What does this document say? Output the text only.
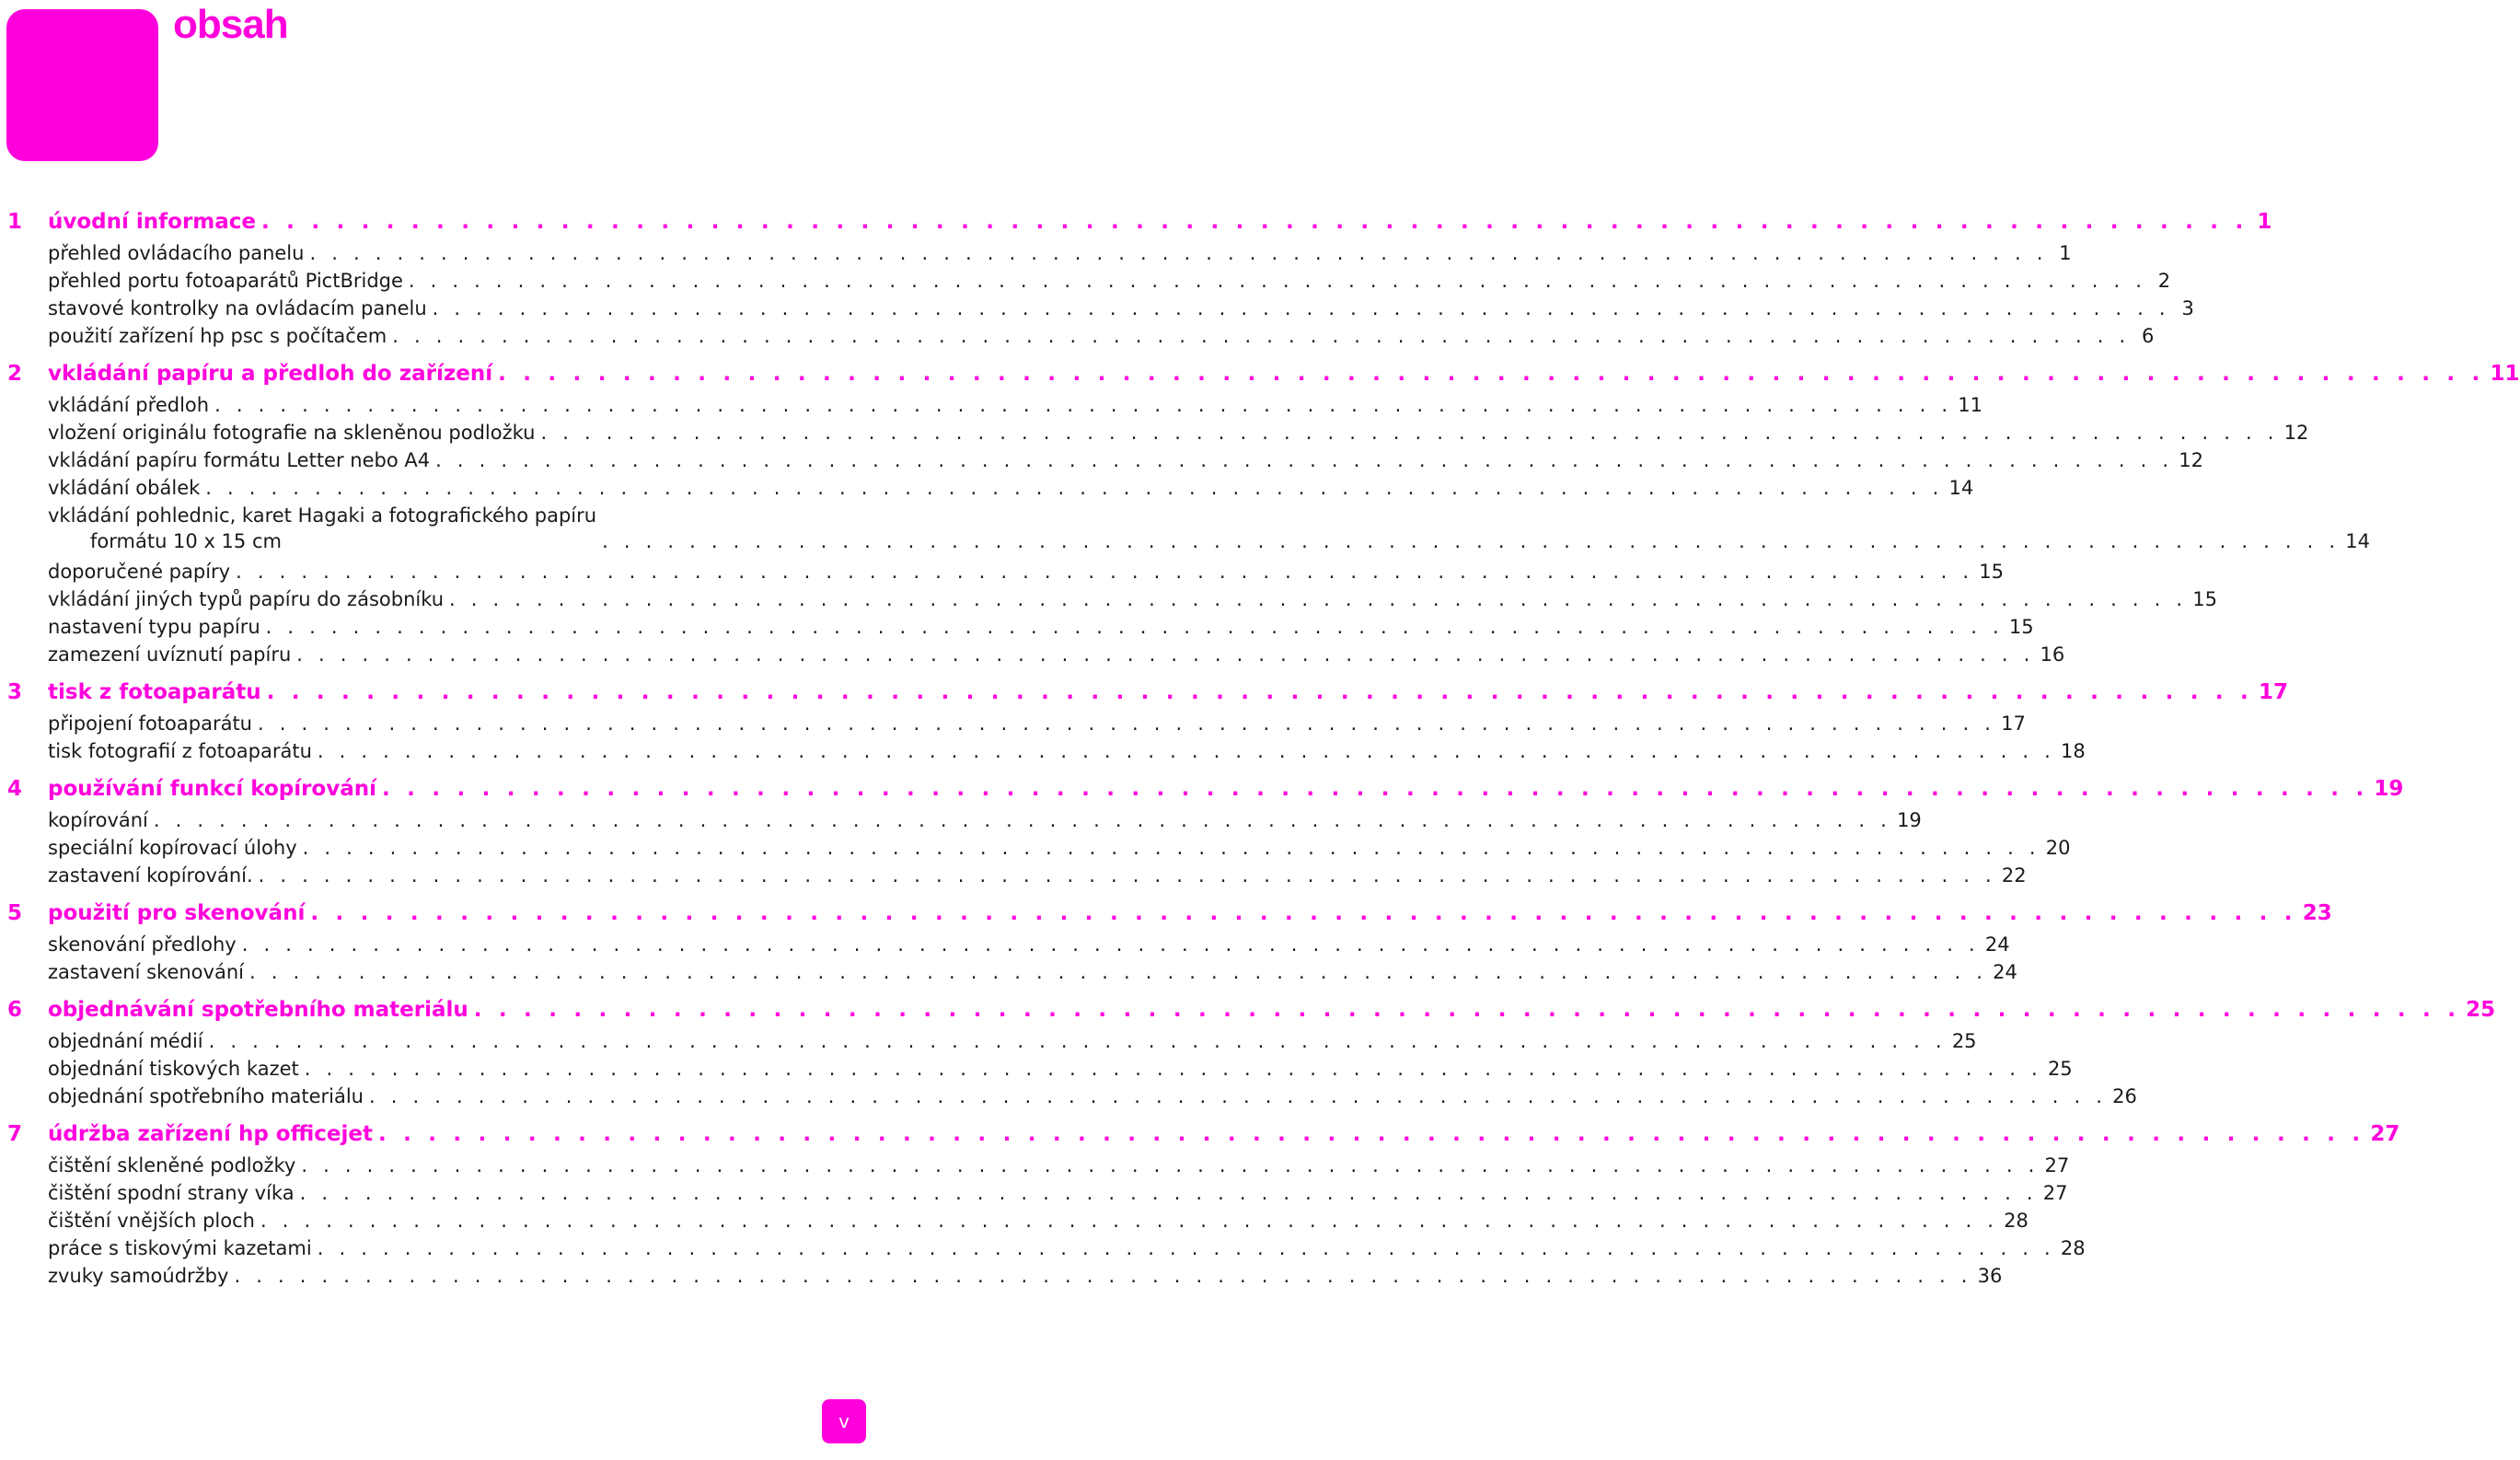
obsah
1 úvodní informace . . . . . . . . . . . . . . . . . . . . . . . . . . . . . . . . . . . . . . . . . . . . . . . . . . . . . . . . . . . . . . . . . . . . . . . . . . . . . . . . 1
přehled ovládacího panelu . . . . . . . . . . . . . . . . . . . . . . . . . . . . . . . . . . . . . . . . . . . . . . . . . . . . . . . . . . . . . . . . . . . . . . . . . . . . . . . . 1
přehled portu fotoaparátů PictBridge . . . . . . . . . . . . . . . . . . . . . . . . . . . . . . . . . . . . . . . . . . . . . . . . . . . . . . . . . . . . . . . . . . . . . . . . . . . . . . . . 2
stavové kontrolky na ovládacím panelu . . . . . . . . . . . . . . . . . . . . . . . . . . . . . . . . . . . . . . . . . . . . . . . . . . . . . . . . . . . . . . . . . . . . . . . . . . . . . . . . 3
použití zařízení hp psc s počítačem . . . . . . . . . . . . . . . . . . . . . . . . . . . . . . . . . . . . . . . . . . . . . . . . . . . . . . . . . . . . . . . . . . . . . . . . . . . . . . . . 6
2 vkládání papíru a předloh do zařízení . . . . . . . . . . . . . . . . . . . . . . . . . . . . . . . . . . . . . . . . . . . . . . . . . . . . . . . . . . . . . . . . . . . . . . . . . . . . . . . . 11
vkládání předloh . . . . . . . . . . . . . . . . . . . . . . . . . . . . . . . . . . . . . . . . . . . . . . . . . . . . . . . . . . . . . . . . . . . . . . . . . . . . . . . . 11
vložení originálu fotografie na skleněnou podložku . . . . . . . . . . . . . . . . . . . . . . . . . . . . . . . . . . . . . . . . . . . . . . . . . . . . . . . . . . . . . . . . . . . . . . . . . . . . . . . . 12
vkládání papíru formátu Letter nebo A4 . . . . . . . . . . . . . . . . . . . . . . . . . . . . . . . . . . . . . . . . . . . . . . . . . . . . . . . . . . . . . . . . . . . . . . . . . . . . . . . . 12
vkládání obálek . . . . . . . . . . . . . . . . . . . . . . . . . . . . . . . . . . . . . . . . . . . . . . . . . . . . . . . . . . . . . . . . . . . . . . . . . . . . . . . . 14
vkládání pohlednic, karet Hagaki a fotografického papíru
formátu 10 x 15 cm	. . . . . . . . . . . . . . . . . . . . . . . . . . . . . . . . . . . . . . . . . . . . . . . . . . . . . . . . . . . . . . . . . . . . . . . . . . . . . . . . 14
doporučené papíry . . . . . . . . . . . . . . . . . . . . . . . . . . . . . . . . . . . . . . . . . . . . . . . . . . . . . . . . . . . . . . . . . . . . . . . . . . . . . . . . 15
vkládání jiných typů papíru do zásobníku . . . . . . . . . . . . . . . . . . . . . . . . . . . . . . . . . . . . . . . . . . . . . . . . . . . . . . . . . . . . . . . . . . . . . . . . . . . . . . . . 15
nastavení typu papíru . . . . . . . . . . . . . . . . . . . . . . . . . . . . . . . . . . . . . . . . . . . . . . . . . . . . . . . . . . . . . . . . . . . . . . . . . . . . . . . . 15
zamezení uvíznutí papíru . . . . . . . . . . . . . . . . . . . . . . . . . . . . . . . . . . . . . . . . . . . . . . . . . . . . . . . . . . . . . . . . . . . . . . . . . . . . . . . . 16
3 tisk z fotoaparátu . . . . . . . . . . . . . . . . . . . . . . . . . . . . . . . . . . . . . . . . . . . . . . . . . . . . . . . . . . . . . . . . . . . . . . . . . . . . . . . . 17
připojení fotoaparátu . . . . . . . . . . . . . . . . . . . . . . . . . . . . . . . . . . . . . . . . . . . . . . . . . . . . . . . . . . . . . . . . . . . . . . . . . . . . . . . . 17
tisk fotografií z fotoaparátu . . . . . . . . . . . . . . . . . . . . . . . . . . . . . . . . . . . . . . . . . . . . . . . . . . . . . . . . . . . . . . . . . . . . . . . . . . . . . . . . 18
4 používání funkcí kopírování . . . . . . . . . . . . . . . . . . . . . . . . . . . . . . . . . . . . . . . . . . . . . . . . . . . . . . . . . . . . . . . . . . . . . . . . . . . . . . . . 19
kopírování . . . . . . . . . . . . . . . . . . . . . . . . . . . . . . . . . . . . . . . . . . . . . . . . . . . . . . . . . . . . . . . . . . . . . . . . . . . . . . . . 19
speciální kopírovací úlohy . . . . . . . . . . . . . . . . . . . . . . . . . . . . . . . . . . . . . . . . . . . . . . . . . . . . . . . . . . . . . . . . . . . . . . . . . . . . . . . . 20
zastavení kopírování. . . . . . . . . . . . . . . . . . . . . . . . . . . . . . . . . . . . . . . . . . . . . . . . . . . . . . . . . . . . . . . . . . . . . . . . . . . . . . . . . 22
5 použití pro skenování . . . . . . . . . . . . . . . . . . . . . . . . . . . . . . . . . . . . . . . . . . . . . . . . . . . . . . . . . . . . . . . . . . . . . . . . . . . . . . . . 23
skenování předlohy . . . . . . . . . . . . . . . . . . . . . . . . . . . . . . . . . . . . . . . . . . . . . . . . . . . . . . . . . . . . . . . . . . . . . . . . . . . . . . . . 24
zastavení skenování . . . . . . . . . . . . . . . . . . . . . . . . . . . . . . . . . . . . . . . . . . . . . . . . . . . . . . . . . . . . . . . . . . . . . . . . . . . . . . . . 24
6 objednávání spotřebního materiálu . . . . . . . . . . . . . . . . . . . . . . . . . . . . . . . . . . . . . . . . . . . . . . . . . . . . . . . . . . . . . . . . . . . . . . . . . . . . . . . . 25
objednání médií . . . . . . . . . . . . . . . . . . . . . . . . . . . . . . . . . . . . . . . . . . . . . . . . . . . . . . . . . . . . . . . . . . . . . . . . . . . . . . . . 25
objednání tiskových kazet . . . . . . . . . . . . . . . . . . . . . . . . . . . . . . . . . . . . . . . . . . . . . . . . . . . . . . . . . . . . . . . . . . . . . . . . . . . . . . . . 25
objednání spotřebního materiálu . . . . . . . . . . . . . . . . . . . . . . . . . . . . . . . . . . . . . . . . . . . . . . . . . . . . . . . . . . . . . . . . . . . . . . . . . . . . . . . . 26
7 údržba zařízení hp officejet . . . . . . . . . . . . . . . . . . . . . . . . . . . . . . . . . . . . . . . . . . . . . . . . . . . . . . . . . . . . . . . . . . . . . . . . . . . . . . . . 27
čištění skleněné podložky . . . . . . . . . . . . . . . . . . . . . . . . . . . . . . . . . . . . . . . . . . . . . . . . . . . . . . . . . . . . . . . . . . . . . . . . . . . . . . . . 27
čištění spodní strany víka . . . . . . . . . . . . . . . . . . . . . . . . . . . . . . . . . . . . . . . . . . . . . . . . . . . . . . . . . . . . . . . . . . . . . . . . . . . . . . . . 27
čištění vnějších ploch . . . . . . . . . . . . . . . . . . . . . . . . . . . . . . . . . . . . . . . . . . . . . . . . . . . . . . . . . . . . . . . . . . . . . . . . . . . . . . . . 28
práce s tiskovými kazetami . . . . . . . . . . . . . . . . . . . . . . . . . . . . . . . . . . . . . . . . . . . . . . . . . . . . . . . . . . . . . . . . . . . . . . . . . . . . . . . . 28
zvuky samoúdržby . . . . . . . . . . . . . . . . . . . . . . . . . . . . . . . . . . . . . . . . . . . . . . . . . . . . . . . . . . . . . . . . . . . . . . . . . . . . . . . . 36
v
